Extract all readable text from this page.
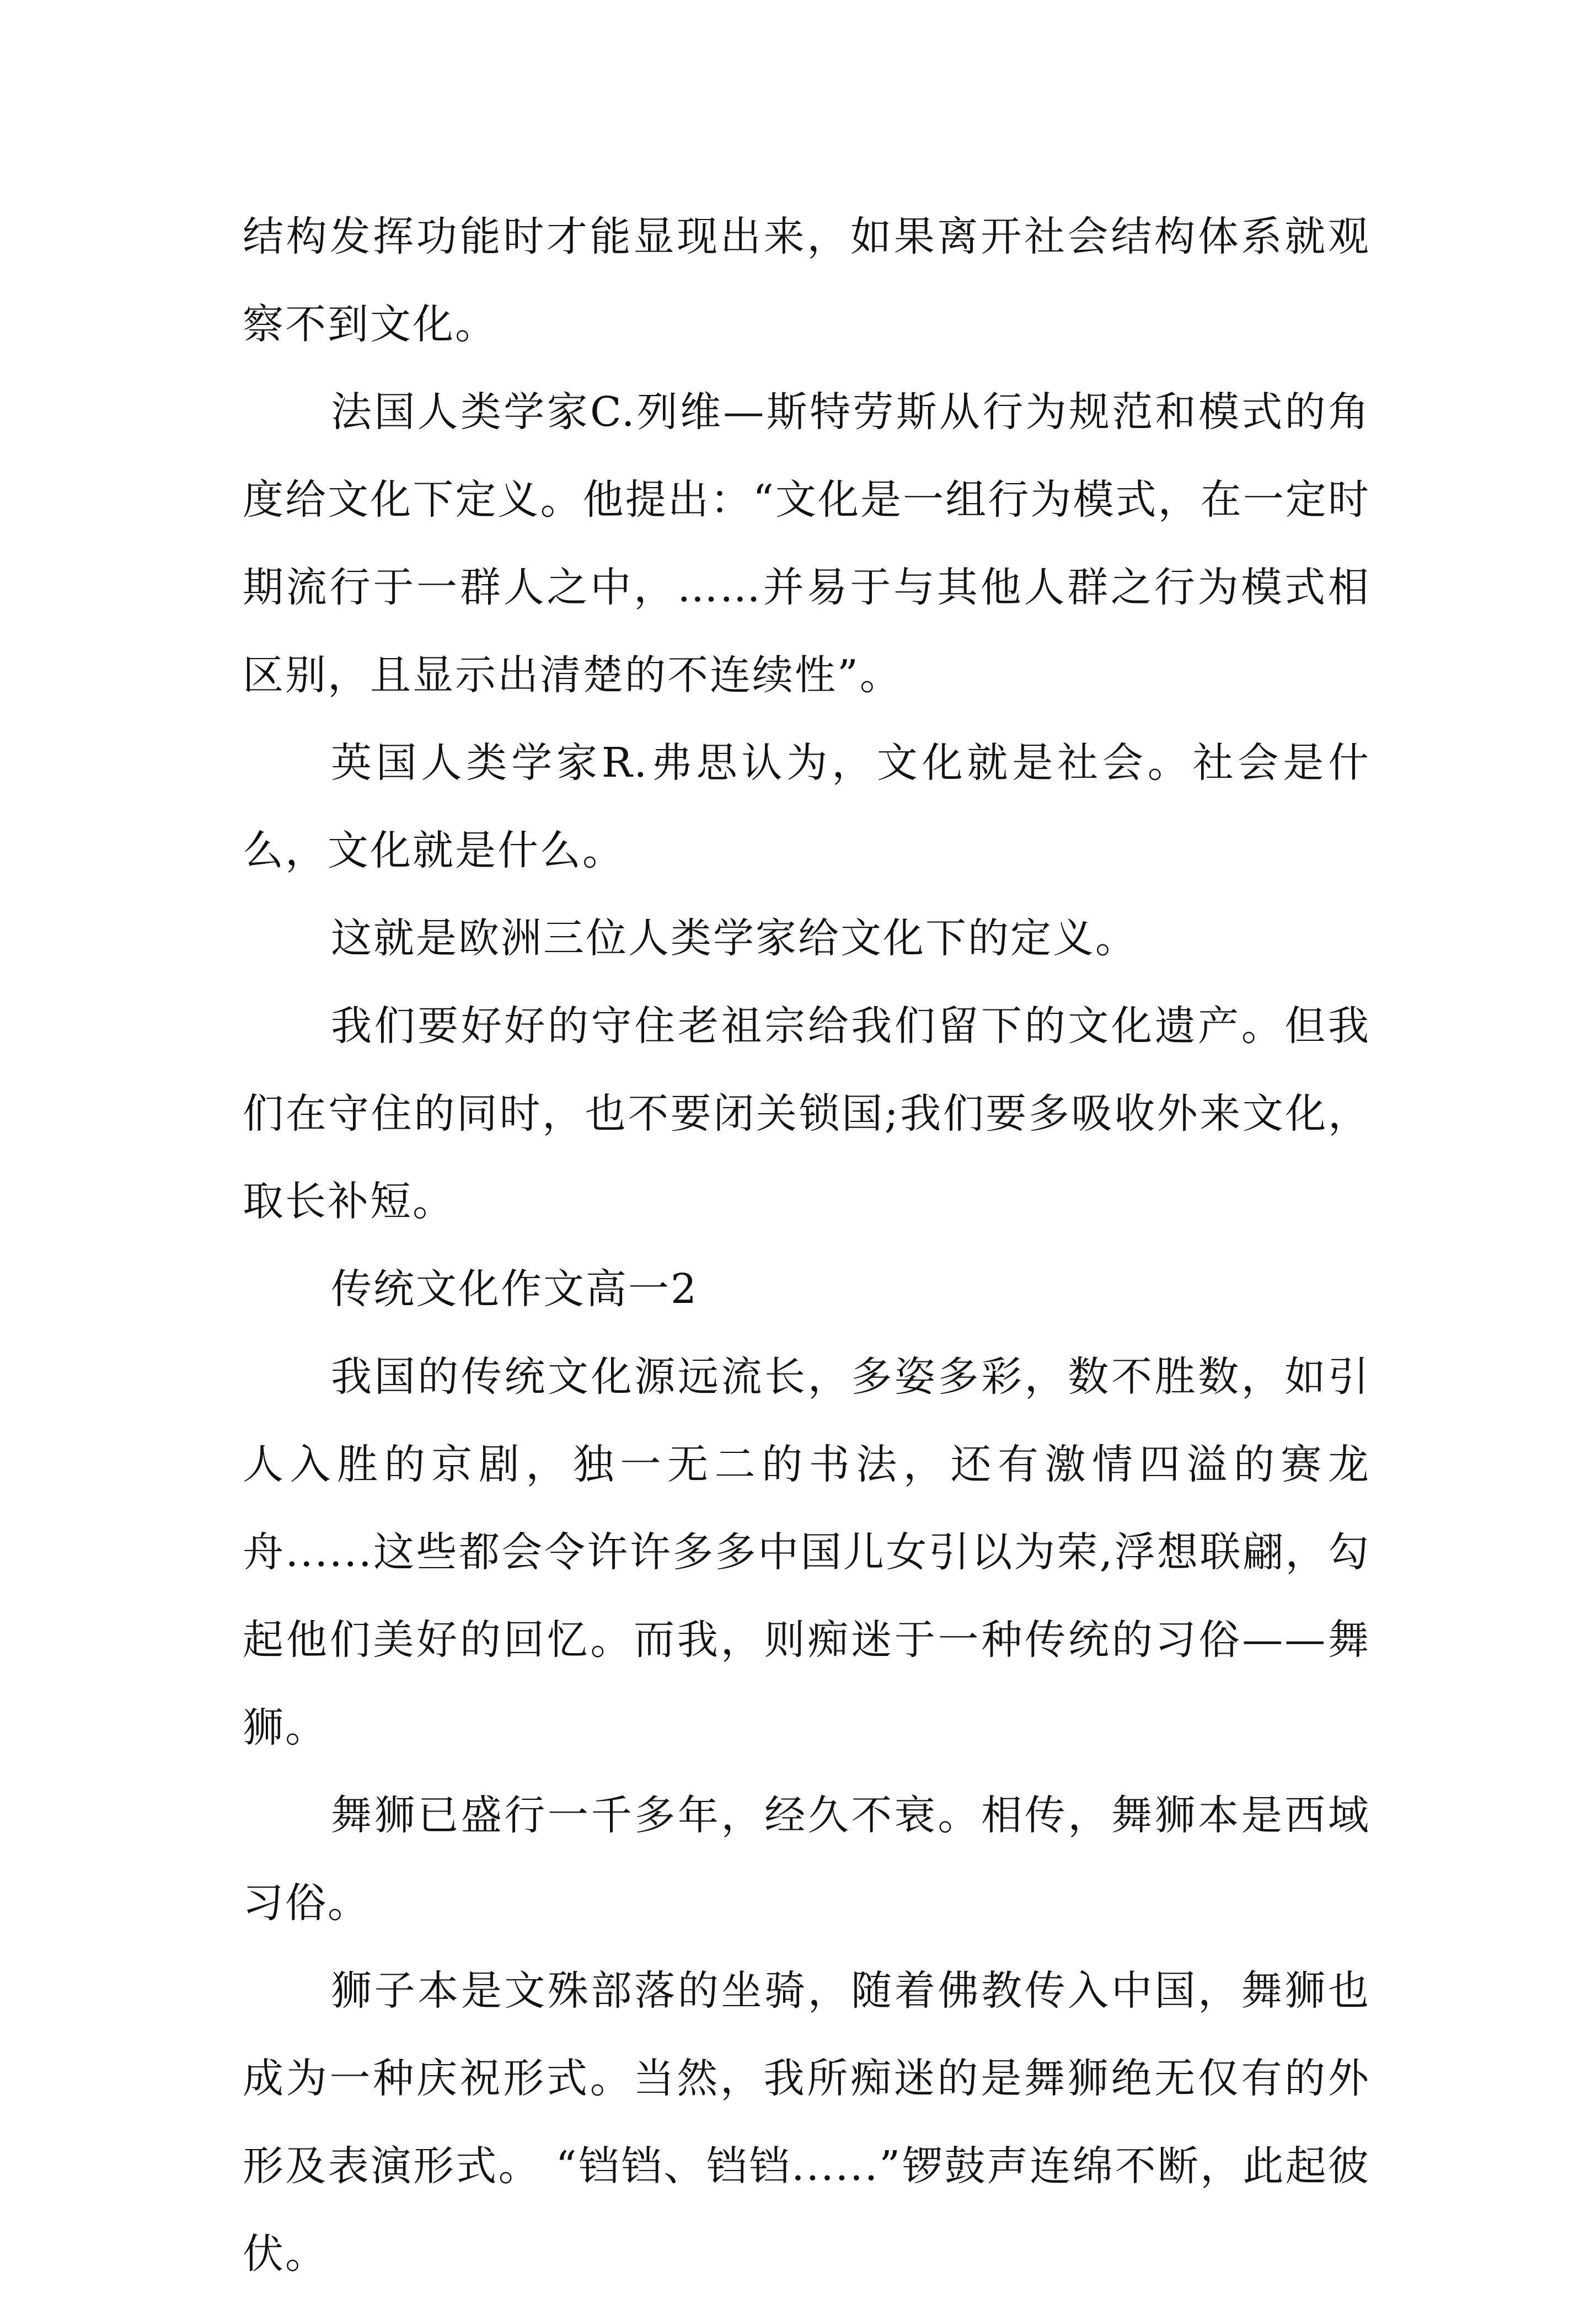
结构发挥功能时才能显现出来，如果离开社会结构体系就观察不到文化。

法国人类学家C.列维—斯特劳斯从行为规范和模式的角度给文化下定义。他提出：“文化是一组行为模式，在一定时期流行于一群人之中，……并易于与其他人群之行为模式相区别，且显示出清楚的不连续性”。

英国人类学家R.弗思认为，文化就是社会。社会是什么，文化就是什么。

这就是欧洲三位人类学家给文化下的定义。

我们要好好的守住老祖宗给我们留下的文化遗产。但我们在守住的同时，也不要闭关锁国;我们要多吸收外来文化，取长补短。

传统文化作文高一2

我国的传统文化源远流长，多姿多彩，数不胜数，如引人入胜的京剧，独一无二的书法，还有激情四溢的赛龙舟......这些都会令许许多多中国儿女引以为荣,浮想联翩，勾起他们美好的回忆。而我，则痴迷于一种传统的习俗——舞狮。

舞狮已盛行一千多年，经久不衰。相传，舞狮本是西域习俗。

狮子本是文殊部落的坐骑，随着佛教传入中国，舞狮也成为一种庆祝形式。当然，我所痴迷的是舞狮绝无仅有的外形及表演形式。 “铛铛、铛铛......”锣鼓声连绵不断，此起彼伏。
